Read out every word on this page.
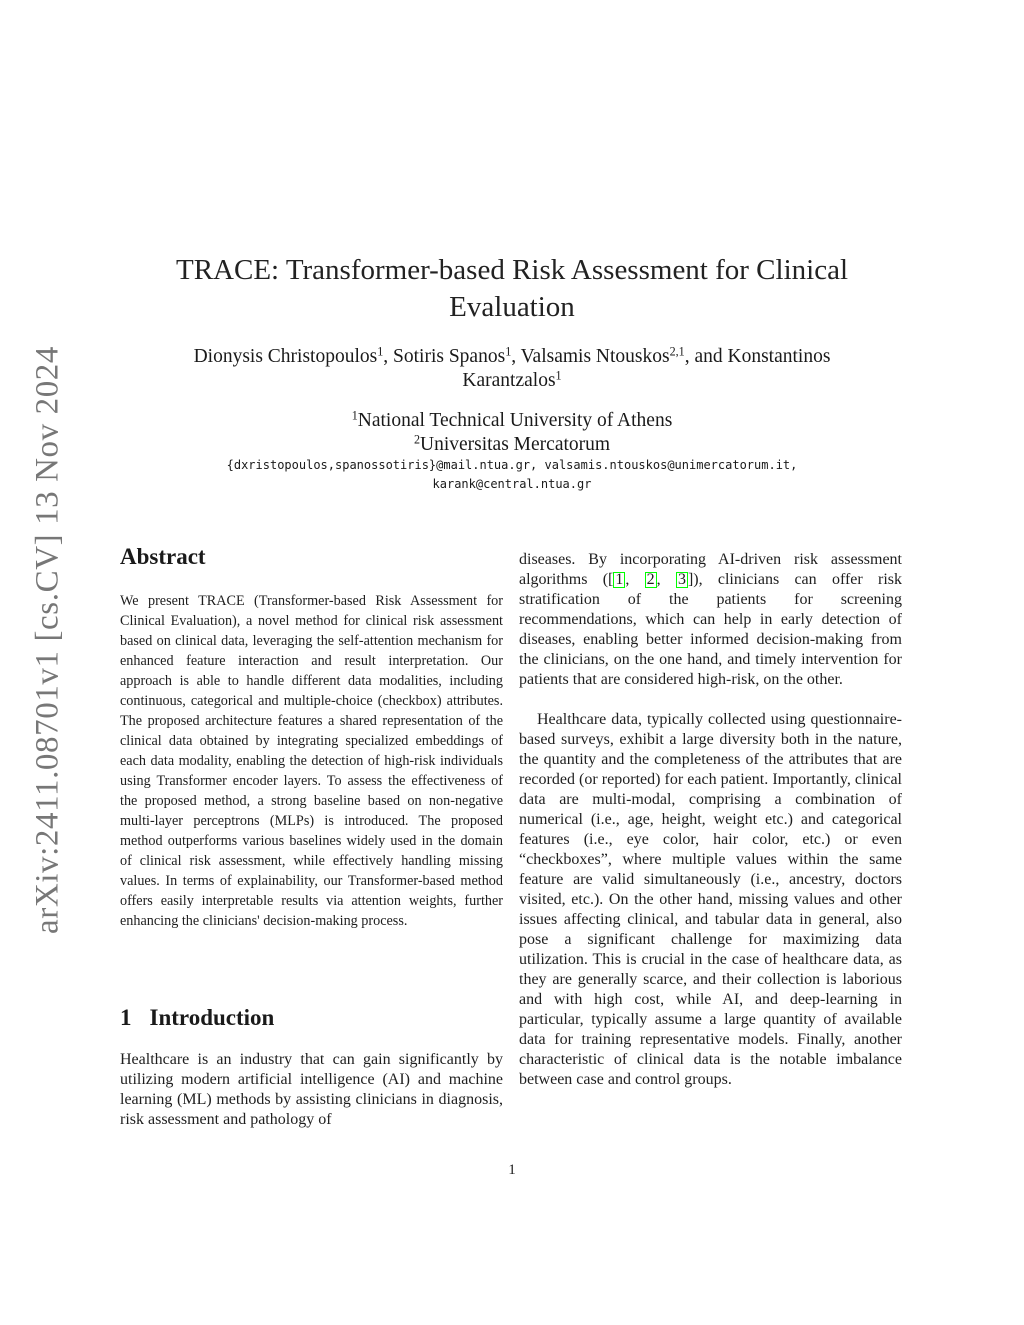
arXiv:2411.08701v1 [cs.CV] 13 Nov 2024
TRACE: Transformer-based Risk Assessment for Clinical
Evaluation
Dionysis Christopoulos$^1$, Sotiris Spanos$^1$, Valsamis Ntouskos$^{2,1}$, and Konstantinos
Karantzalos$^1$
$^1$National Technical University of Athens
$^2$Universitas Mercatorum
{dxristopoulos,spanossotiris}@mail.ntua.gr, valsamis.ntouskos@unimercatorum.it,
karank@central.ntua.gr
Abstract
We present TRACE (Transformer-based Risk Assessment for Clinical Evaluation), a novel method for clinical risk assessment based on clinical data, leveraging the self-attention mechanism for enhanced feature interaction and result interpretation. Our approach is able to handle different data modalities, including continuous, categorical and multiple-choice (checkbox) attributes. The proposed architecture features a shared representation of the clinical data obtained by integrating specialized embeddings of each data modality, enabling the detection of high-risk individuals using Transformer encoder layers. To assess the effectiveness of the proposed method, a strong baseline based on non-negative multi-layer perceptrons (MLPs) is introduced. The proposed method outperforms various baselines widely used in the domain of clinical risk assessment, while effectively handling missing values. In terms of explainability, our Transformer-based method offers easily interpretable results via attention weights, further enhancing the clinicians' decision-making process.
1 Introduction
Healthcare is an industry that can gain significantly by utilizing modern artificial intelligence (AI) and machine learning (ML) methods by assisting clinicians in diagnosis, risk assessment and pathology of
diseases. By incorporating AI-driven risk assessment algorithms ([ 1 , 2 , 3 ]), clinicians can offer risk stratification of the patients for screening recommendations, which can help in early detection of diseases, enabling better informed decision-making from the clinicians, on the one hand, and timely intervention for patients that are considered high-risk, on the other.
Healthcare data, typically collected using questionnaire-based surveys, exhibit a large diversity both in the nature, the quantity and the completeness of the attributes that are recorded (or reported) for each patient. Importantly, clinical data are multi-modal, comprising a combination of numerical (i.e., age, height, weight etc.) and categorical features (i.e., eye color, hair color, etc.) or even “checkboxes”, where multiple values within the same feature are valid simultaneously (i.e., ancestry, doctors visited, etc.). On the other hand, missing values and other issues affecting clinical, and tabular data in general, also pose a significant challenge for maximizing data utilization. This is crucial in the case of healthcare data, as they are generally scarce, and their collection is laborious and with high cost, while AI, and deep-learning in particular, typically assume a large quantity of available data for training representative models. Finally, another characteristic of clinical data is the notable imbalance between case and control groups.
1
